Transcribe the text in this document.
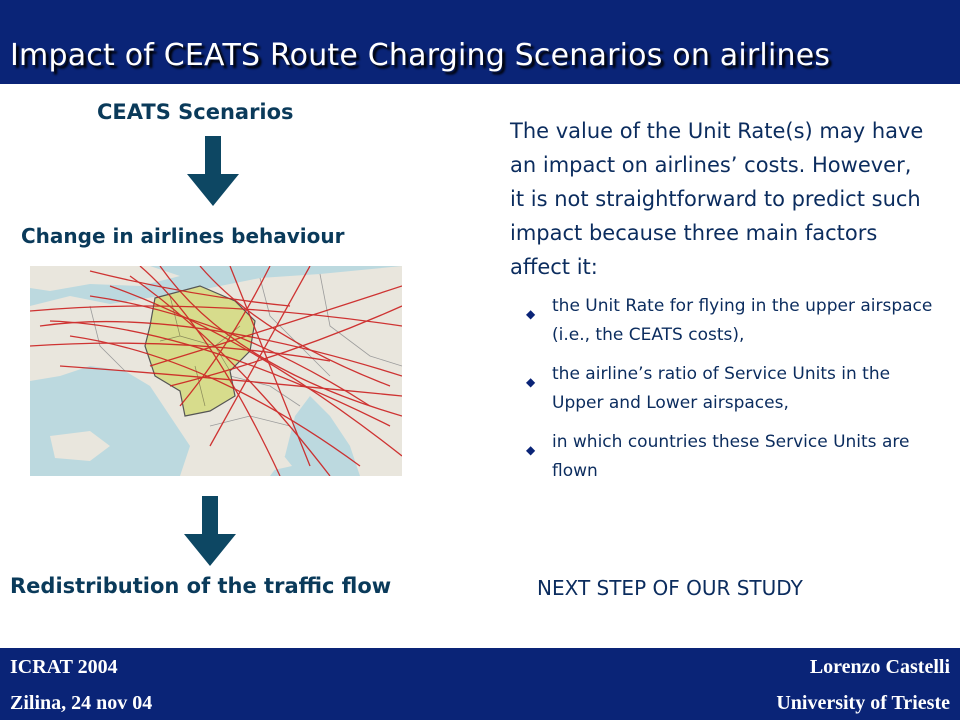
Impact of CEATS Route Charging Scenarios on airlines
CEATS Scenarios
Change in airlines behaviour
Redistribution of the traffic flow
The value of the Unit Rate(s) may have an impact on airlines’ costs. However, it is not straightforward to predict such impact because three main factors affect it:
◆ the Unit Rate for flying in the upper airspace (i.e., the CEATS costs),
◆ the airline’s ratio of Service Units in the Upper and Lower airspaces,
◆ in which countries these Service Units are flown
NEXT STEP OF OUR STUDY
ICRAT 2004
Zilina, 24 nov 04
Lorenzo Castelli
University of Trieste
